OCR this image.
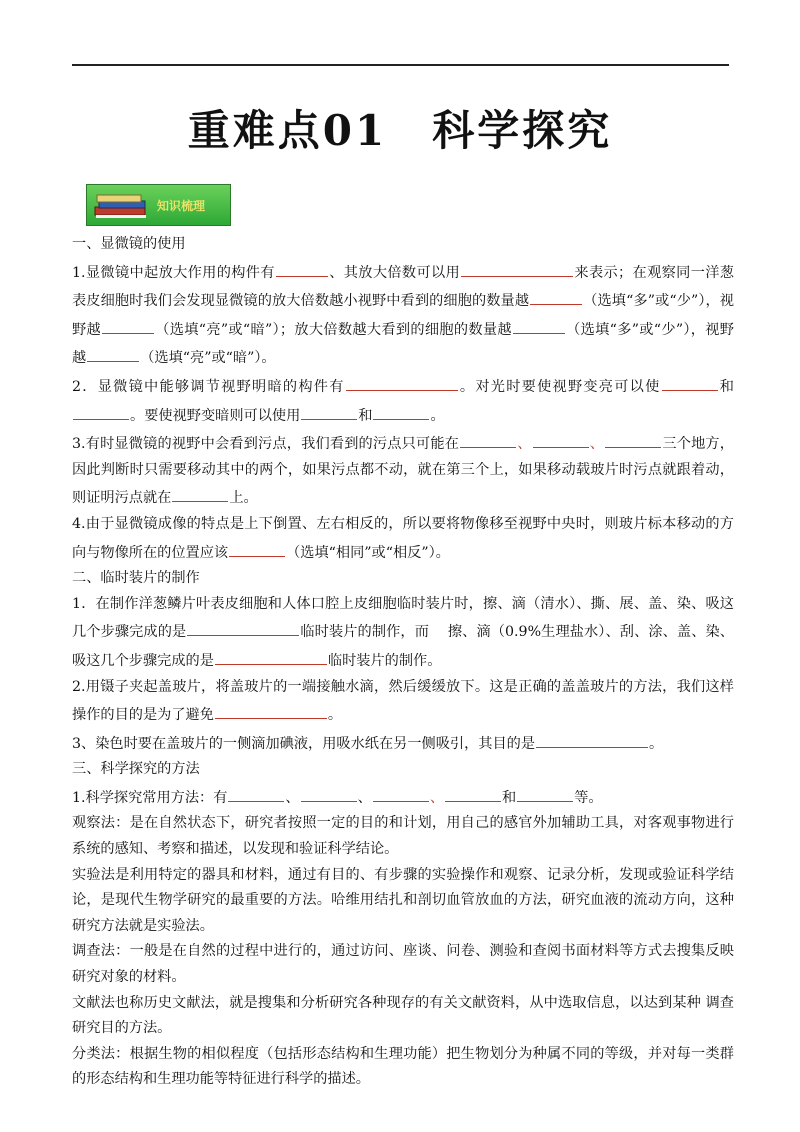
重难点01　科学探究
知识梳理

一、显微镜的使用

1.显微镜中起放大作用的构件有	、其放大倍数可以用	来表示；在观察同一洋葱表皮细胞时我们会发现显微镜的放大倍数越小视野中看到的细胞的数量越	（选填“多”或“少”），视野越	（选填“亮”或“暗”）；放大倍数越大看到的细胞的数量越	（选填“多”或“少”），视野越	（选填“亮”或“暗”）。

2．显微镜中能够调节视野明暗的构件有	。对光时要使视野变亮可以使	和。要使视野变暗则可以使用	和	。

3.有时显微镜的视野中会看到污点，我们看到的污点只可能在	、	、	三个地方，因此判断时只需要移动其中的两个，如果污点都不动，就在第三个上，如果移动载玻片时污点就跟着动，则证明污点就在	上。

4.由于显微镜成像的特点是上下倒置、左右相反的，所以要将物像移至视野中央时，则玻片标本移动的方向与物像所在的位置应该	（选填“相同”或“相反”）。

二、临时装片的制作

1．在制作洋葱鳞片叶表皮细胞和人体口腔上皮细胞临时装片时，擦、滴（清水）、撕、展、盖、染、吸这几个步骤完成的是	临时装片的制作，而　 擦、滴（0.9%生理盐水）、刮、涂、盖、染、吸这几个步骤完成的是	临时装片的制作。

2.用镊子夹起盖玻片，将盖玻片的一端接触水滴，然后缓缓放下。这是正确的盖盖玻片的方法，我们这样操作的目的是为了避免	。

3、染色时要在盖玻片的一侧滴加碘液，用吸水纸在另一侧吸引，其目的是	。

三、科学探究的方法

1.科学探究常用方法：有	、	、	、	和	等。

观察法：是在自然状态下，研究者按照一定的目的和计划，用自己的感官外加辅助工具，对客观事物进行系统的感知、考察和描述，以发现和验证科学结论。

实验法是利用特定的器具和材料，通过有目的、有步骤的实验操作和观察、记录分析，发现或验证科学结论，是现代生物学研究的最重要的方法。哈维用结扎和剖切血管放血的方法，研究血液的流动方向，这种研究方法就是实验法。

调查法：一般是在自然的过程中进行的，通过访问、座谈、问卷、测验和查阅书面材料等方式去搜集反映研究对象的材料。

文献法也称历史文献法，就是搜集和分析研究各种现存的有关文献资料，从中选取信息，以达到某种 调查研究目的方法。

分类法：根据生物的相似程度（包括形态结构和生理功能）把生物划分为种属不同的等级，并对每一类群的形态结构和生理功能等特征进行科学的描述。
